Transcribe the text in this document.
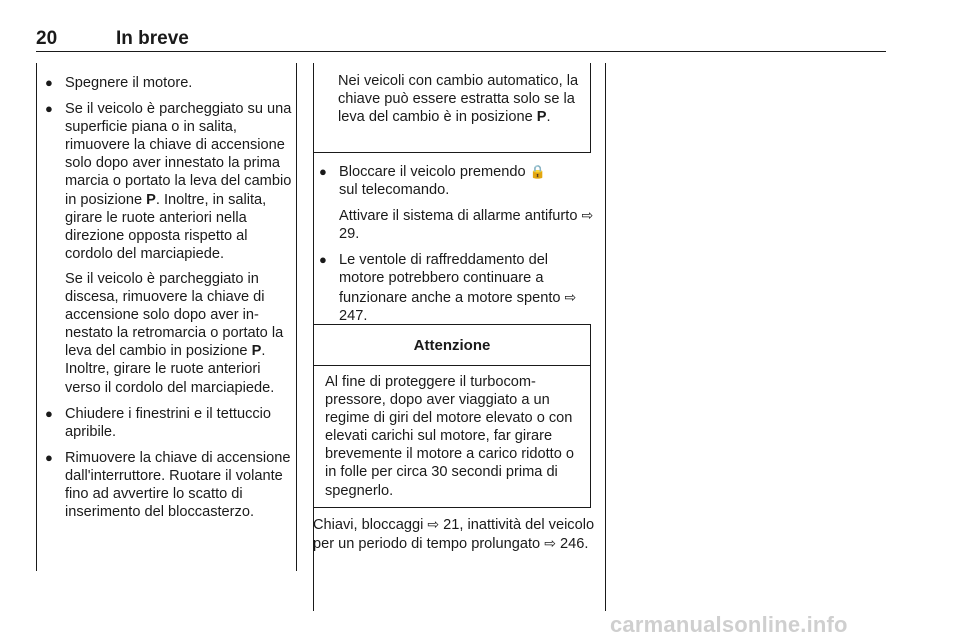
20	In breve
● Spegnere il motore.

● Se il veicolo è parcheggiato su una superficie piana o in salita, rimuovere la chiave di accensione solo dopo aver innestato la prima marcia o portato la leva del cambio in posizione P. Inoltre, in salita, girare le ruote anteriori nella direzione opposta rispetto al cordolo del marciapiede.

Se il veicolo è parcheggiato in discesa, rimuovere la chiave di accensione solo dopo aver innestato la retromarcia o portato la leva del cambio in posizione P. Inoltre, girare le ruote anteriori verso il cordolo del marciapiede.

● Chiudere i finestrini e il tettuccio apribile.

● Rimuovere la chiave di accensione dall'interruttore. Ruotare il volante fino ad avvertire lo scatto di inserimento del bloccasterzo.

Nei veicoli con cambio automatico, la chiave può essere estratta solo se la leva del cambio è in posizione P.
● Bloccare il veicolo premendo 🔒
sul telecomando.

Attivare il sistema di allarme antifurto ⇨ 29.

● Le ventole di raffreddamento del motore potrebbero continuare a funzionare anche a motore spento ⇨ 247.

Attenzione
Al fine di proteggere il turbocompressore, dopo aver viaggiato a un regime di giri del motore elevato o con elevati carichi sul motore, far girare brevemente il motore a carico ridotto o in folle per circa 30 secondi prima di spegnerlo.
Chiavi, bloccaggi ⇨ 21, inattività del veicolo per un periodo di tempo prolungato ⇨ 246.
carmanualsonline.info
